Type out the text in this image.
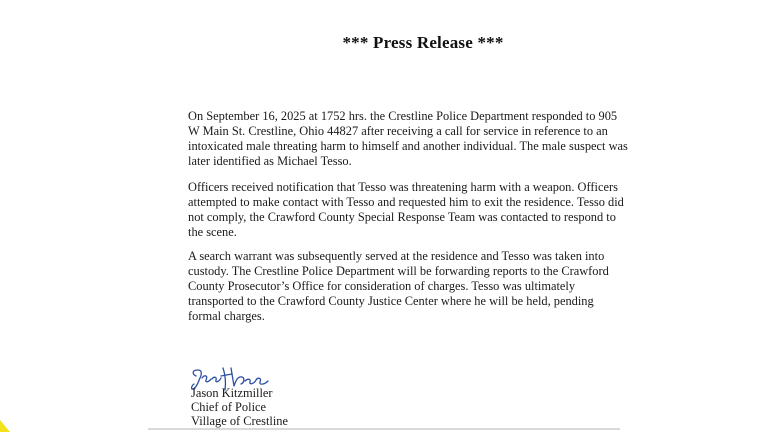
*** Press Release ***

On September 16, 2025 at 1752 hrs. the Crestline Police Department responded to 905 W Main St. Crestline, Ohio 44827 after receiving a call for service in reference to an intoxicated male threating harm to himself and another individual. The male suspect was later identified as Michael Tesso.

Officers received notification that Tesso was threatening harm with a weapon. Officers attempted to make contact with Tesso and requested him to exit the residence. Tesso did not comply, the Crawford County Special Response Team was contacted to respond to the scene.

A search warrant was subsequently served at the residence and Tesso was taken into custody. The Crestline Police Department will be forwarding reports to the Crawford County Prosecutor’s Office for consideration of charges. Tesso was ultimately transported to the Crawford County Justice Center where he will be held, pending formal charges.

Jason Kitzmiller
Chief of Police
Village of Crestline
